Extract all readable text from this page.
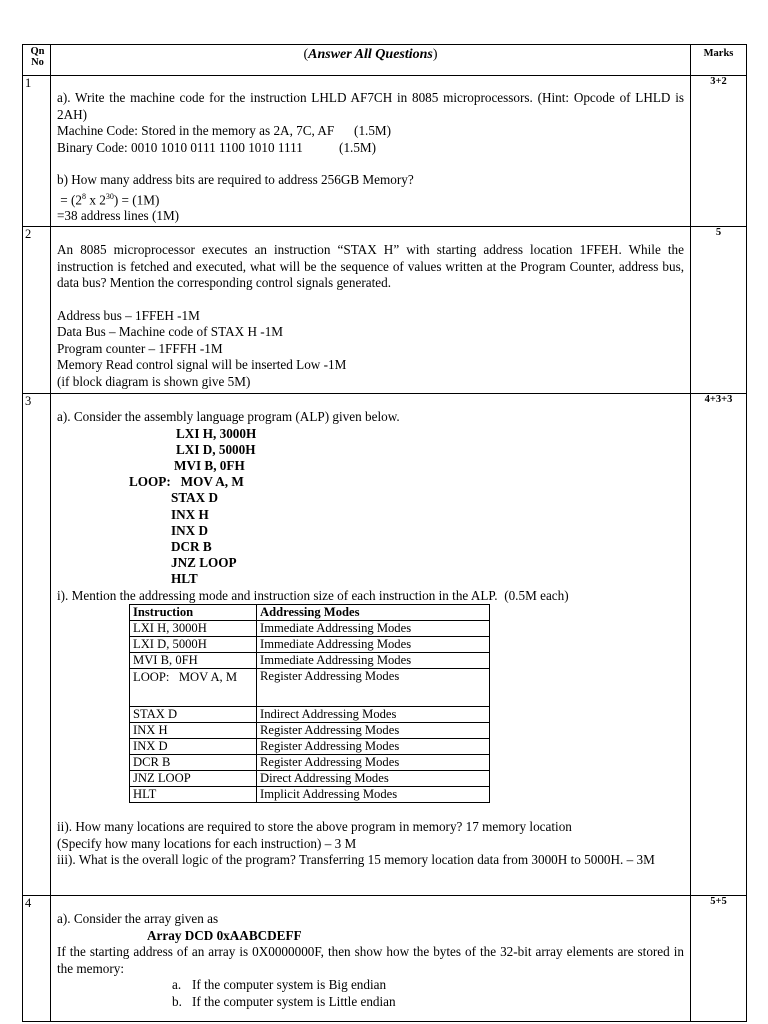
Qn
No
	(Answer All Questions)	Marks
1	

a). Write the machine code for the instruction LHLD AF7CH in 8085 microprocessors. (Hint: Opcode of LHLD is 2AH)

Machine Code: Stored in the memory as 2A, 7C, AF      (1.5M)

Binary Code: 0010 1010 0111 1100 1010 1111           (1.5M)

b) How many address bits are required to address 256GB Memory?

= ($2^8$ x $2^{30}) = (1M)$

=38 address lines (1M)

	3+2
2	

An 8085 microprocessor executes an instruction “STAX H” with starting address location 1FFEH. While the instruction is fetched and executed, what will be the sequence of values written at the Program Counter, address bus, data bus? Mention the corresponding control signals generated.

Address bus – 1FFEH -1M

Data Bus – Machine code of STAX H -1M

Program counter – 1FFFH -1M

Memory Read control signal will be inserted Low -1M

(if block diagram is shown give 5M)

	5
3	

a). Consider the assembly language program (ALP) given below.

LXI H, 3000H
LXI D, 5000H
MVI B, 0FH
LOOP: MOV A, M
STAX D
INX H
INX D
DCR B
JNZ LOOP
HLT

i). Mention the addressing mode and instruction size of each instruction in the ALP.  (0.5M each)

Instruction	Addressing Modes
LXI H, 3000H	Immediate Addressing Modes
LXI D, 5000H	Immediate Addressing Modes
MVI B, 0FH	Immediate Addressing Modes
LOOP:   MOV A, M	Register Addressing Modes
STAX D	Indirect Addressing Modes
INX H	Register Addressing Modes
INX D	Register Addressing Modes
DCR B	Register Addressing Modes
JNZ LOOP	Direct Addressing Modes
HLT	Implicit Addressing Modes

ii). How many locations are required to store the above program in memory? 17 memory location

(Specify how many locations for each instruction) – 3 M

iii). What is the overall logic of the program? Transferring 15 memory location data from 3000H to 5000H. – 3M

	4+3+3
4	

a). Consider the array given as

Array DCD 0xAABCDEFF

If the starting address of an array is 0X0000000F, then show how the bytes of the 32-bit array elements are stored in the memory:

a. If the computer system is Big endian

b. If the computer system is Little endian

	5+5
